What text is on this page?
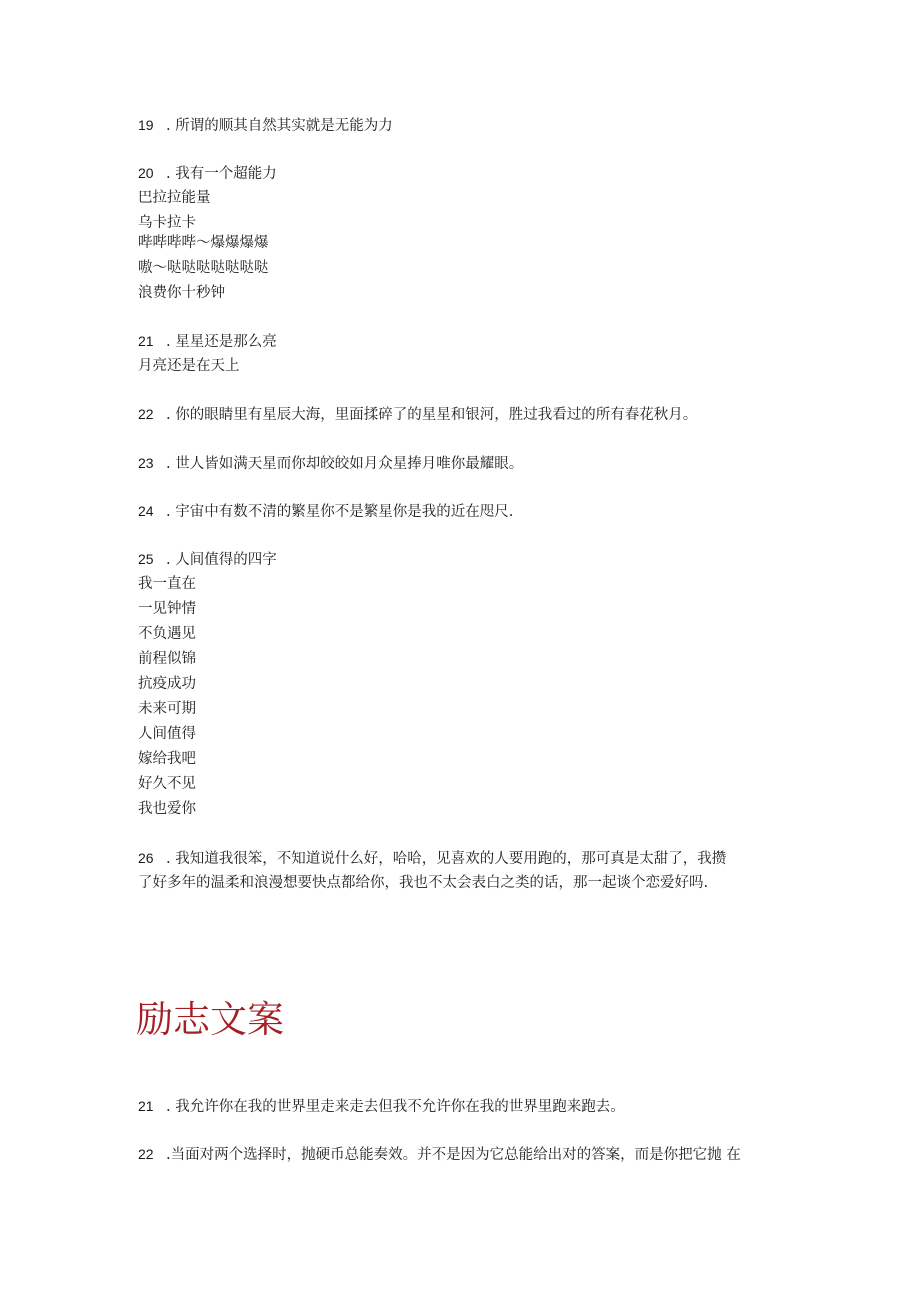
19 . 所谓的顺其自然其实就是无能为力
20 . 我有一个超能力
巴拉拉能量
乌卡拉卡
哔哔哔哔～爆爆爆爆
嗷～哒哒哒哒哒哒哒
浪费你十秒钟
21 . 星星还是那么亮
月亮还是在天上
22 . 你的眼睛里有星辰大海，里面揉碎了的星星和银河，胜过我看过的所有春花秋月。
23 . 世人皆如满天星而你却皎皎如月众星捧月唯你最耀眼。
24 . 宇宙中有数不清的繁星你不是繁星你是我的近在咫尺.
25 . 人间值得的四字
我一直在
一见钟情
不负遇见
前程似锦
抗疫成功
未来可期
人间值得
嫁给我吧
好久不见
我也爱你
26 . 我知道我很笨，不知道说什么好，哈哈，见喜欢的人要用跑的，那可真是太甜了，我攒
了好多年的温柔和浪漫想要快点都给你，我也不太会表白之类的话，那一起谈个恋爱好吗.
励志文案
21 . 我允许你在我的世界里走来走去但我不允许你在我的世界里跑来跑去。
22 .当面对两个选择时，抛硬币总能奏效。并不是因为它总能给出对的答案，而是你把它抛 在
